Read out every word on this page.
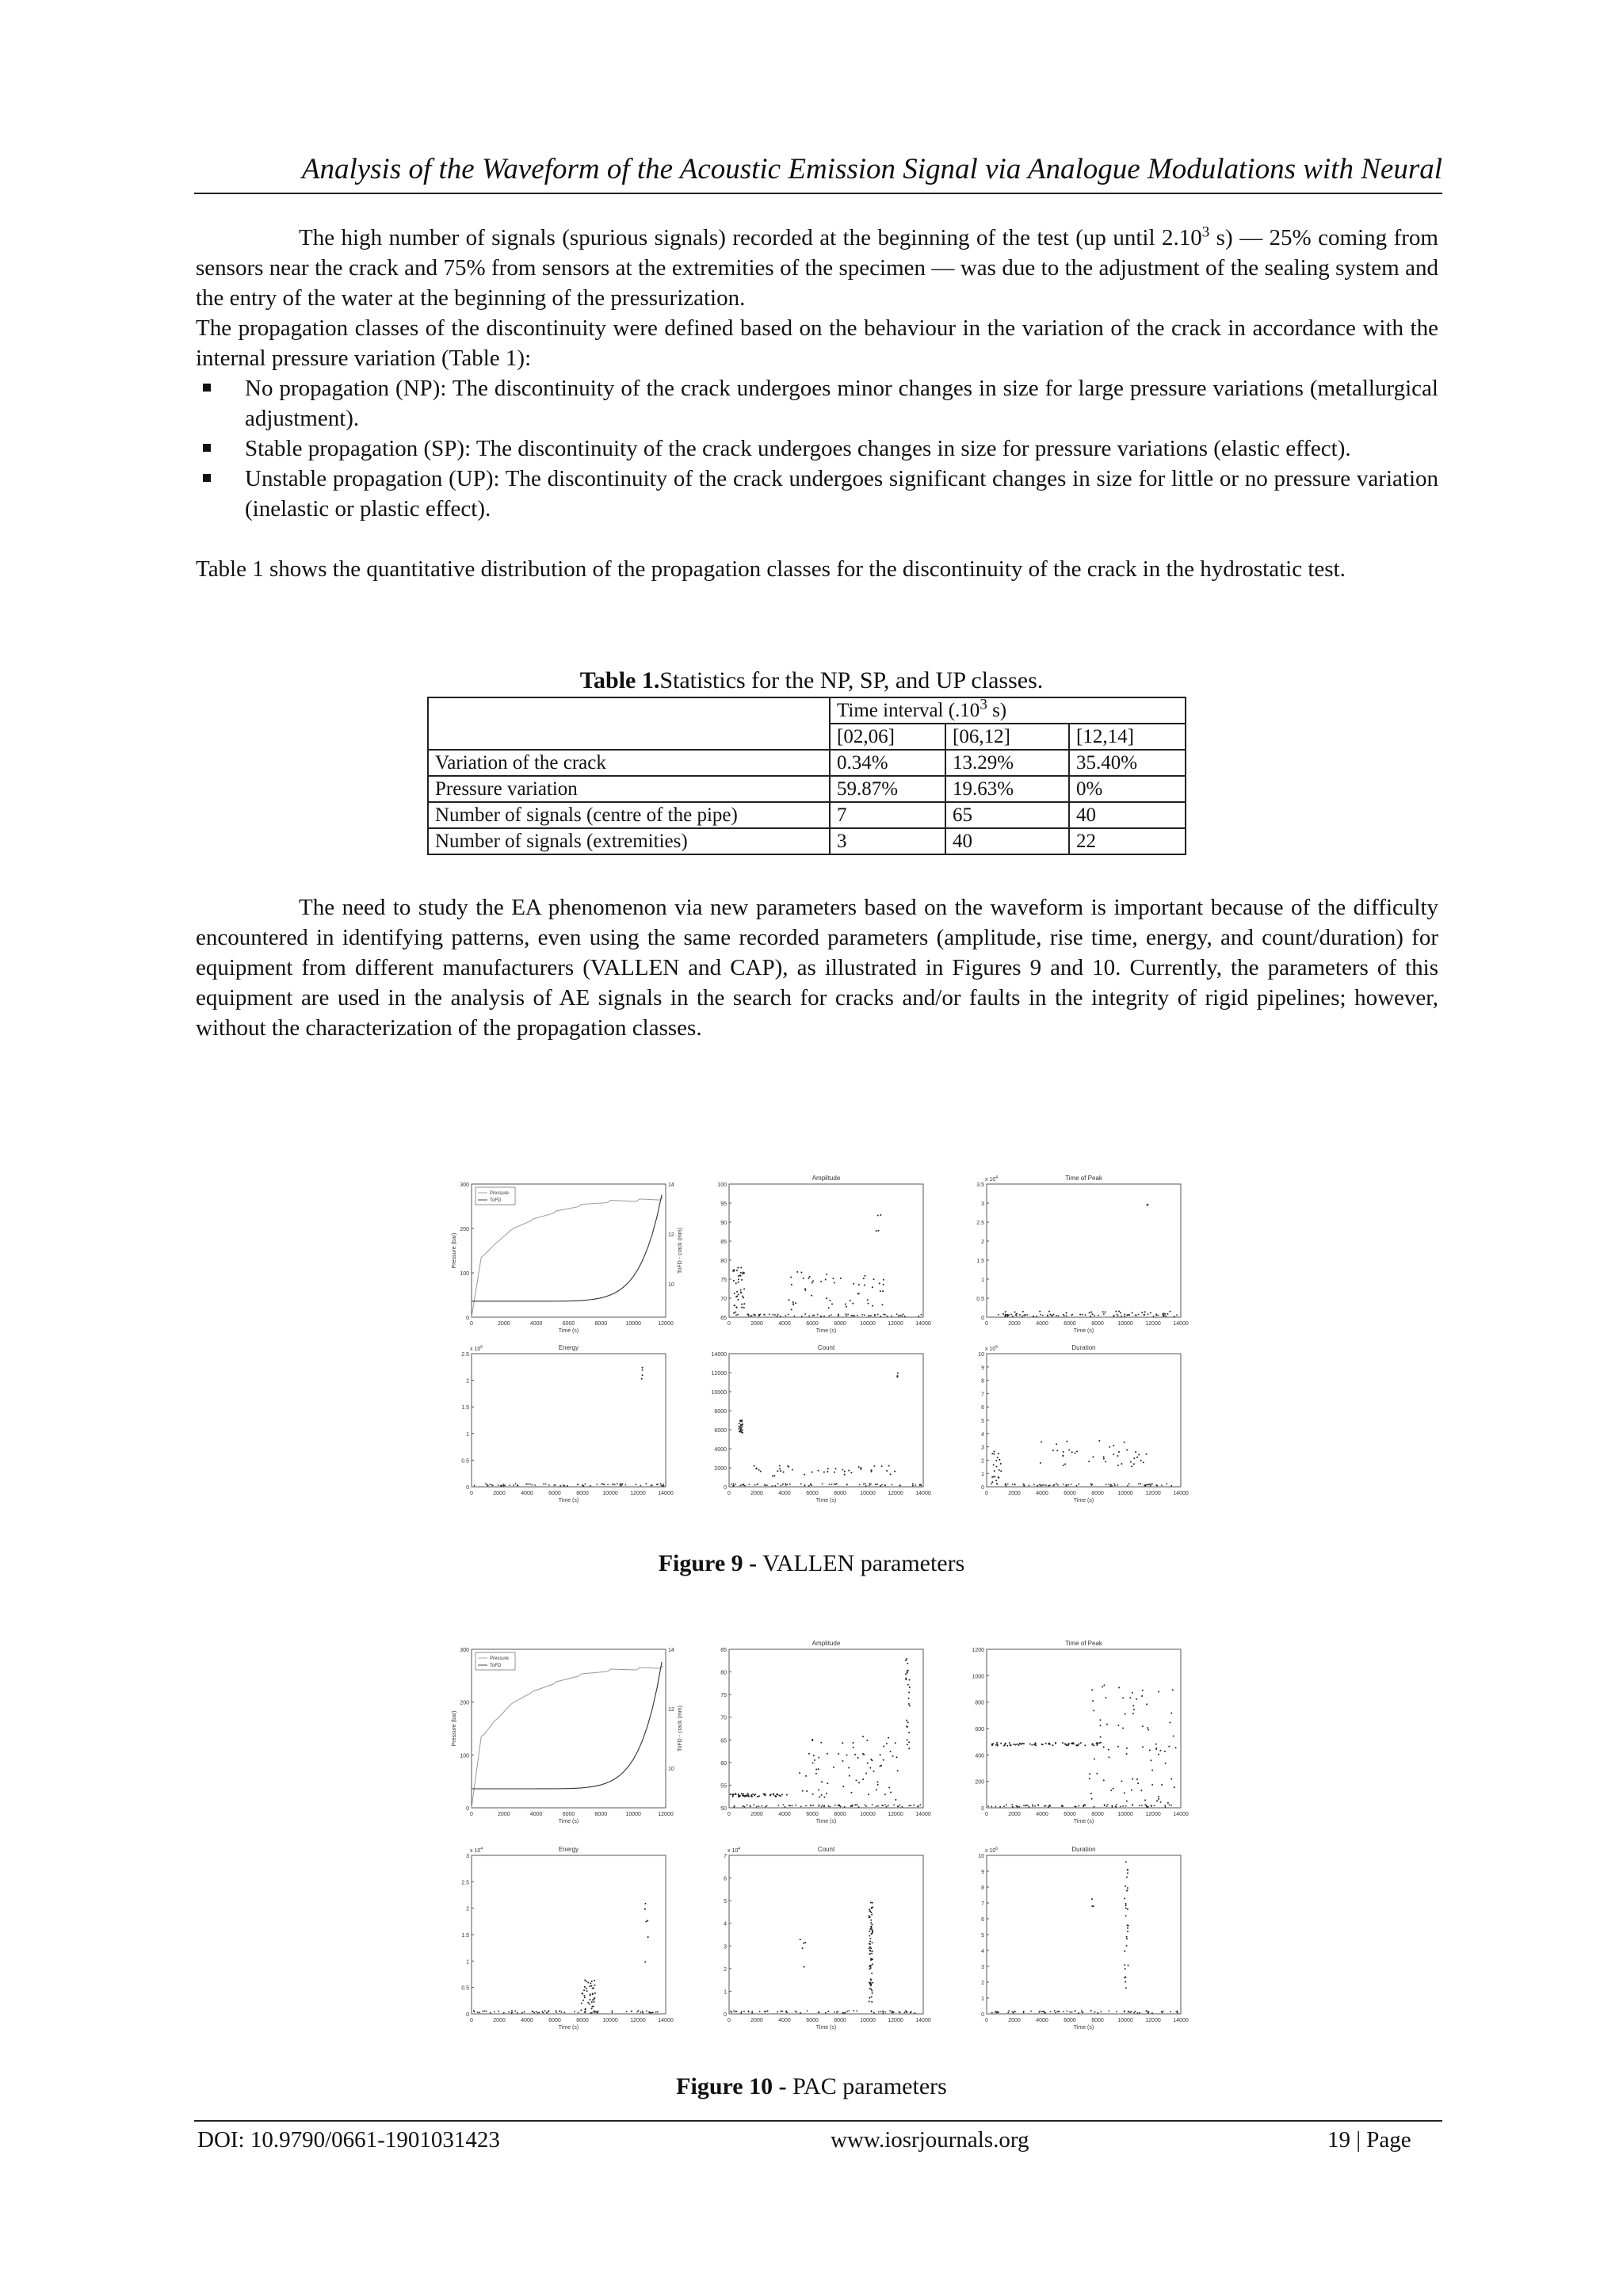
Analysis of the Waveform of the Acoustic Emission Signal via Analogue Modulations with Neural
The high number of signals (spurious signals) recorded at the beginning of the test (up until 2.10$^3$ s) — 25% coming from sensors near the crack and 75% from sensors at the extremities of the specimen — was due to the adjustment of the sealing system and the entry of the water at the beginning of the pressurization.
The propagation classes of the discontinuity were defined based on the behaviour in the variation of the crack in accordance with the internal pressure variation (Table 1):
No propagation (NP): The discontinuity of the crack undergoes minor changes in size for large pressure variations (metallurgical adjustment).
Stable propagation (SP): The discontinuity of the crack undergoes changes in size for pressure variations (elastic effect).
Unstable propagation (UP): The discontinuity of the crack undergoes significant changes in size for little or no pressure variation (inelastic or plastic effect).
Table 1 shows the quantitative distribution of the propagation classes for the discontinuity of the crack in the hydrostatic test.
Table 1.Statistics for the NP, SP, and UP classes.
	Time interval ($.10^3$ s)		
	[02,06]	[06,12]	[12,14]
Variation of the crack	0.34%	13.29%	35.40%
Pressure variation	59.87%	19.63%	0%
Number of signals (centre of the pipe)	7	65	40
Number of signals (extremities)	3	40	22
The need to study the EA phenomenon via new parameters based on the waveform is important because of the difficulty encountered in identifying patterns, even using the same recorded parameters (amplitude, rise time, energy, and count/duration) for equipment from different manufacturers (VALLEN and CAP), as illustrated in Figures 9 and 10. Currently, the parameters of this equipment are used in the analysis of AE signals in the search for cracks and/or faults in the integrity of rigid pipelines; however, without the characterization of the propagation classes.
300
200
100
0
0	2000	4000	6000	8000	10000	12000
Time (s)
Pressure (bar)
14
12
10
ToFD - crack (mm)
Pressure
ToFD
Amplitude
100
95
90
85
80
75
70
65
0	2000	4000	6000	8000 10000 12000 14000
Time (s)
Time of Peak
x $10^4$
3.5
3
2.5
2
1.5
1
0.5
0
0	2000	4000	6000	8000 10000 12000 14000
Time (s)
Energy
x $10^6$
2.5
2
1.5
1
0.5
0
0	2000	4000	6000	8000 10000 12000 14000
Time (s)
Count
14000
12000
10000
8000
6000
4000
2000
0
0	2000	4000	6000	8000 10000 12000 14000
Time (s)
Duration
x $10^5$
10
9
8
7
6
5
4
3
2
1
0
0	2000	4000	6000	8000 10000 12000 14000
Time (s)
Figure 9 - VALLEN parameters
300
200
100
0
0	2000	4000	6000	8000	10000	12000
Time (s)
Pressure (bar)
14
12
10
ToFD - crack (mm)
Pressure
ToFD
Amplitude
85
80
75
70
65
60
55
50
0	2000	4000	6000	8000 10000 12000 14000
Time (s)
Time of Peak
1200
1000
800
600
400
200
0
0	2000	4000	6000	8000 10000 12000 14000
Time (s)
Energy
x $10^4$
3
2.5
2
1.5
1
0.5
0
0	2000	4000	6000	8000 10000 12000 14000
Time (s)
Count
x $10^4$
7
6
5
4
3
2
1
0
0	2000	4000	6000	8000 10000 12000 14000
Time (s)
Duration
x $10^6$
10
9
8
7
6
5
4
3
2
1
0
0	2000	4000	6000	8000 10000 12000 14000
Time (s)
Figure 10 - PAC parameters
DOI: 10.9790/0661-1901031423	www.iosrjournals.org	19 | Page
